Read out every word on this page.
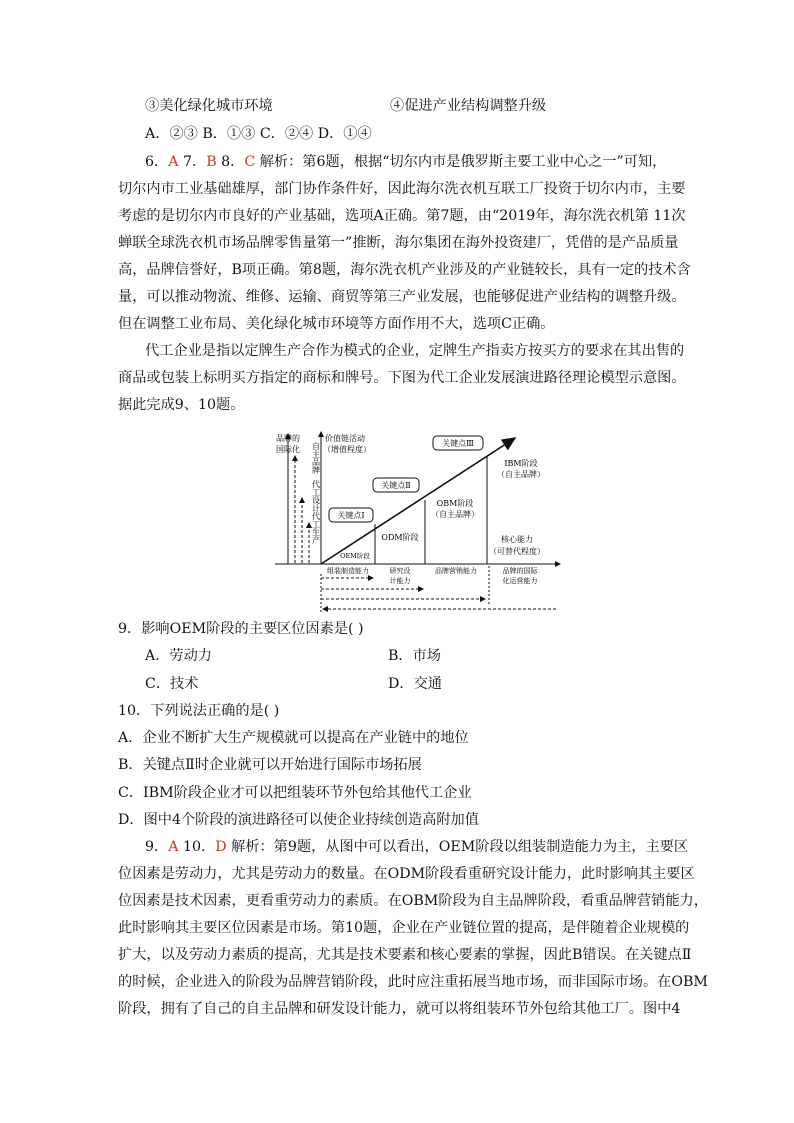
③美化绿化城市环境	④促进产业结构调整升级
A．②③ B．①③ C．②④ D．①④
6．A 7．B 8．C 解析：第6题，根据“切尔内市是俄罗斯主要工业中心之一”可知，
切尔内市工业基础雄厚，部门协作条件好，因此海尔洗衣机互联工厂投资于切尔内市，主要
考虑的是切尔内市良好的产业基础，选项A正确。第7题，由“2019年，海尔洗衣机第 11次
蝉联全球洗衣机市场品牌零售量第一”推断，海尔集团在海外投资建厂，凭借的是产品质量
高，品牌信誉好，B项正确。第8题，海尔洗衣机产业涉及的产业链较长，具有一定的技术含
量，可以推动物流、维修、运输、商贸等第三产业发展，也能够促进产业结构的调整升级。
但在调整工业布局、美化绿化城市环境等方面作用不大，选项C正确。
代工企业是指以定牌生产合作为模式的企业，定牌生产指卖方按买方的要求在其出售的
商品或包装上标明买方指定的商标和牌号。下图为代工企业发展演进路径理论模型示意图。
据此完成9、10题。
品牌的
国际化
价值链活动
（增值程度）
自主品牌
代工设计
代工生产 关键点Ⅰ
关键点Ⅱ
关键点Ⅲ
OEM阶段
ODM阶段
OBM阶段
（自主品牌）
IBM阶段
（自主品牌）
核心能力
（可替代程度）
组装制造能力	研究设
计能力
品牌营销能力	品牌的国际
化运营能力
9．影响OEM阶段的主要区位因素是( )
A．劳动力	B．市场
C．技术	D．交通
10．下列说法正确的是( )
A．企业不断扩大生产规模就可以提高在产业链中的地位
B．关键点Ⅱ时企业就可以开始进行国际市场拓展
C．IBM阶段企业才可以把组装环节外包给其他代工企业
D．图中4个阶段的演进路径可以使企业持续创造高附加值
9．A 10．D 解析：第9题，从图中可以看出，OEM阶段以组装制造能力为主，主要区
位因素是劳动力，尤其是劳动力的数量。在ODM阶段看重研究设计能力，此时影响其主要区
位因素是技术因素，更看重劳动力的素质。在OBM阶段为自主品牌阶段，看重品牌营销能力，
此时影响其主要区位因素是市场。第10题，企业在产业链位置的提高，是伴随着企业规模的
扩大，以及劳动力素质的提高，尤其是技术要素和核心要素的掌握，因此B错误。在关键点Ⅱ
的时候，企业进入的阶段为品牌营销阶段，此时应注重拓展当地市场，而非国际市场。在OBM
阶段，拥有了自己的自主品牌和研发设计能力，就可以将组装环节外包给其他工厂。图中4
